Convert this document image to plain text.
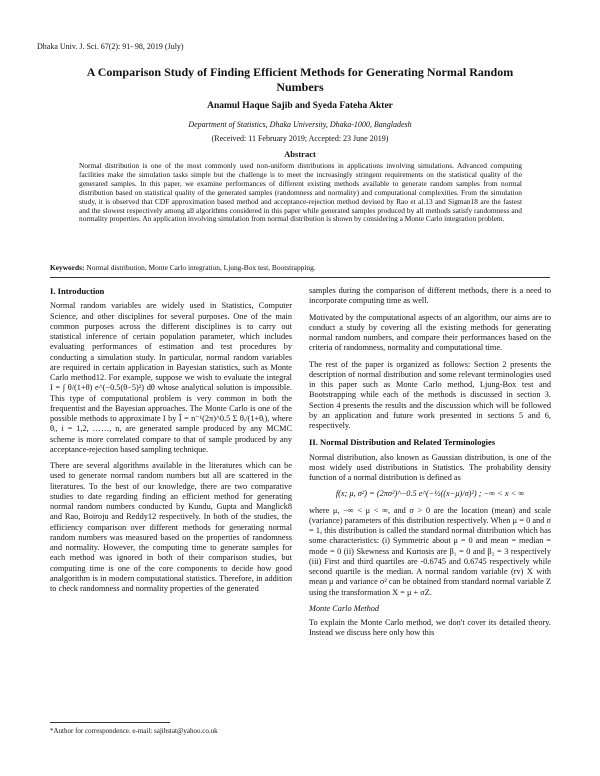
Dhaka Univ. J. Sci. 67(2): 91- 98, 2019 (July)
A Comparison Study of Finding Efficient Methods for Generating Normal Random Numbers
Anamul Haque Sajib and Syeda Fateha Akter
Department of Statistics, Dhaka University, Dhaka-1000, Bangladesh
(Received: 11 February 2019; Accepted: 23 June 2019)
Abstract
Normal distribution is one of the most commonly used non-uniform distributions in applications involving simulations. Advanced computing facilities make the simulation tasks simple but the challenge is to meet the increasingly stringent requirements on the statistical quality of the generated samples. In this paper, we examine performances of different existing methods available to generate random samples from normal distribution based on statistical quality of the generated samples (randomness and normality) and computational complexities. From the simulation study, it is observed that CDF approximation based method and acceptance-rejection method devised by Rao et al.13 and Sigman18 are the fastest and the slowest respectively among all algorithms considered in this paper while generated samples produced by all methods satisfy randomness and normality properties. An application involving simulation from normal distribution is shown by considering a Monte Carlo integration problem.
Keywords: Normal distribution, Monte Carlo integration, Ljung-Box test, Bootstrapping.
I. Introduction

Normal random variables are widely used in Statistics, Computer Science, and other disciplines for several purposes. One of the main common purposes across the different disciplines is to carry out statistical inference of certain population parameter, which includes evaluating performances of estimation and test procedures by conducting a simulation study. In particular, normal random variables are required in certain application in Bayesian statistics, such as Monte Carlo method12. For example, suppose we wish to evaluate the integral I = ∫ θ/(1+θ) e^(−0.5(θ−5)²) dθ whose analytical solution is impossible. This type of computational problem is very common in both the frequentist and the Bayesian approaches. The Monte Carlo is one of the possible methods to approximate I by Î = n⁻¹(2π)^0.5 Σ θᵢ/(1+θᵢ), where θᵢ, i = 1,2, ……, n, are generated sample produced by any MCMC scheme is more correlated compare to that of sample produced by any acceptance-rejection based sampling technique.

There are several algorithms available in the literatures which can be used to generate normal random numbers but all are scattered in the literatures. To the best of our knowledge, there are two comparative studies to date regarding finding an efficient method for generating normal random numbers conducted by Kundu, Gupta and Manglick8 and Rao, Boiroju and Reddy12 respectively. In both of the studies, the efficiency comparison over different methods for generating normal random numbers was measured based on the properties of randomness and normality. However, the computing time to generate samples for each method was ignored in both of their comparison studies, but computing time is one of the core components to decide how good analgorithm is in modern computational statistics. Therefore, in addition to check randomness and normality properties of the generated

samples during the comparison of different methods, there is a need to incorporate computing time as well.

Motivated by the computational aspects of an algorithm, our aims are to conduct a study by covering all the existing methods for generating normal random numbers, and compare their performances based on the criteria of randomness, normality and computational time.

The rest of the paper is organized as follows: Section 2 presents the description of normal distribution and some relevant terminologies used in this paper such as Monte Carlo method, Ljung-Box test and Bootstrapping while each of the methods is discussed in section 3. Section 4 presents the results and the discussion which will be followed by an application and future work presented in sections 5 and 6, respectively.

II. Normal Distribution and Related Terminologies

Normal distribution, also known as Gaussian distribution, is one of the most widely used distributions in Statistics. The probability density function of a normal distribution is defined as

f(x; μ, σ²) = (2πσ²)^−0.5 e^(−½((x−μ)/σ)²) ; −∞ < x < ∞

where μ, −∞ < μ < ∞, and σ > 0 are the location (mean) and scale (variance) parameters of this distribution respectively. When μ = 0 and σ = 1, this distribution is called the standard normal distribution which has some characteristics: (i) Symmetric about μ = 0 and mean = median = mode = 0 (ii) Skewness and Kurtosis are β₁ = 0 and β₂ = 3 respectively (iii) First and third quartiles are -0.6745 and 0.6745 respectively while second quartile is the median. A normal random variable (rv) X with mean μ and variance σ² can be obtained from standard normal variable Z using the transformation X = μ + σZ.

Monte Carlo Method

To explain the Monte Carlo method, we don't cover its detailed theory. Instead we discuss here only how this

*Author for correspondence. e-mail: sajibstat@yahoo.co.uk
